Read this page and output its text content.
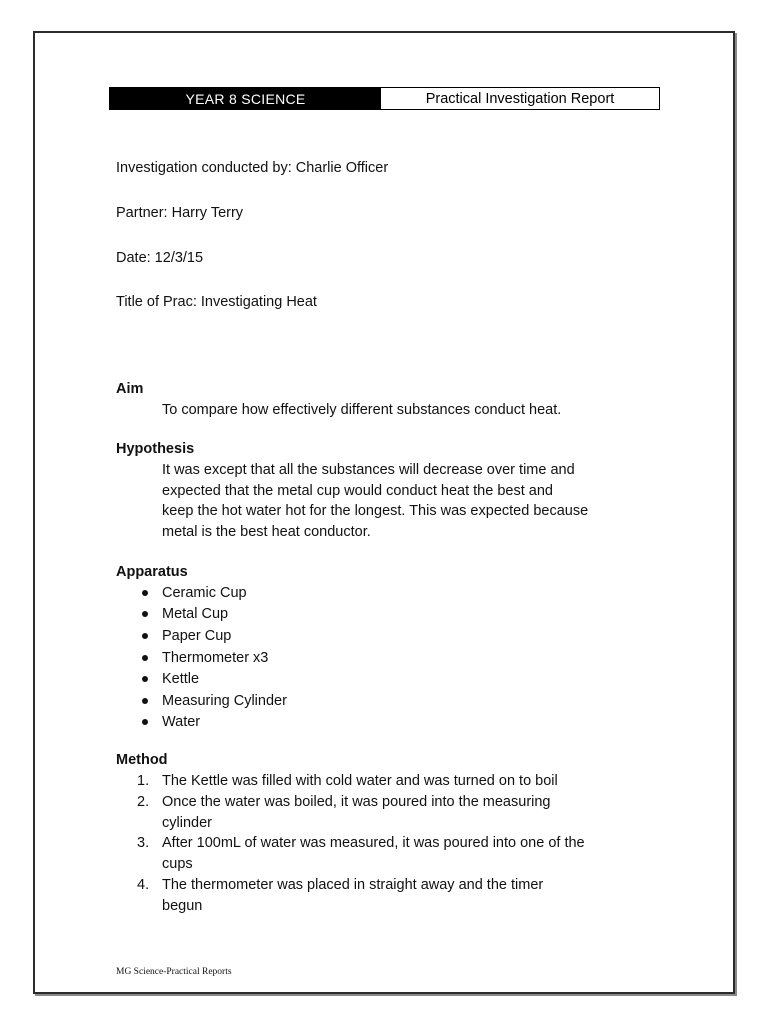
YEAR 8 SCIENCE	Practical Investigation Report
Investigation conducted by: Charlie Officer
Partner: Harry Terry
Date: 12/3/15
Title of Prac: Investigating Heat
Aim
To compare how effectively different substances conduct heat.
Hypothesis
It was except that all the substances will decrease over time and
expected that the metal cup would conduct heat the best and
keep the hot water hot for the longest. This was expected because
metal is the best heat conductor.
Apparatus
Ceramic Cup
Metal Cup
Paper Cup
Thermometer x3
Kettle
Measuring Cylinder
Water
Method
1. The Kettle was filled with cold water and was turned on to boil
2. Once the water was boiled, it was poured into the measuring
cylinder
3. After 100mL of water was measured, it was poured into one of the
cups
4. The thermometer was placed in straight away and the timer
begun
MG Science-Practical Reports
